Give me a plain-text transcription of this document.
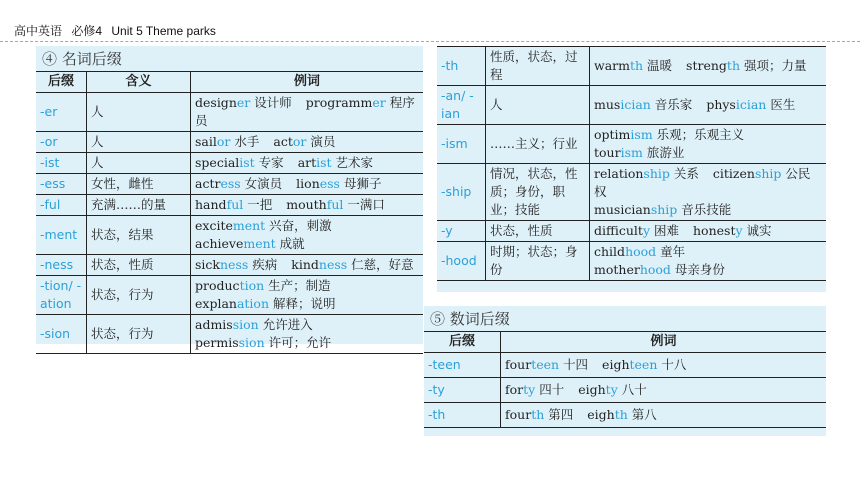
高中英语 必修4 Unit 5 Theme parks
④ 名词后缀
后缀	含义	例词
-er	人	designer 设计师 programmer 程序员

-or	人	sailor 水手 actor 演员

-ist	人	specialist 专家 artist 艺术家

-ess	女性，雌性	actress 女演员 lioness 母狮子

-ful	充满……的量	handful 一把 mouthful 一满口

-ment	状态，结果	excitement 兴奋，刺激
achievement 成就

-ness	状态，性质	sickness 疾病 kindness 仁慈，好意

-tion/ -ation	状态，行为	production 生产；制造
explanation 解释；说明

-sion	状态，行为	admission 允许进入
permission 许可；允许
-th	性质，状态，过程	warmth 温暖 strength 强项；力量

-an/ -ian	人	musician 音乐家 physician 医生

-ism	……主义；行业	optimism 乐观；乐观主义
tourism 旅游业

-ship	情况，状态，性质；身份，职业；技能	relationship 关系 citizenship 公民权
musicianship 音乐技能

-y	状态，性质	difficulty 困难 honesty 诚实

-hood	时期；状态；身份	childhood 童年
motherhood 母亲身份
⑤ 数词后缀
后缀	例词
-teen	fourteen 十四 eighteen 十八

-ty	forty 四十 eighty 八十

-th	fourth 第四 eighth 第八
